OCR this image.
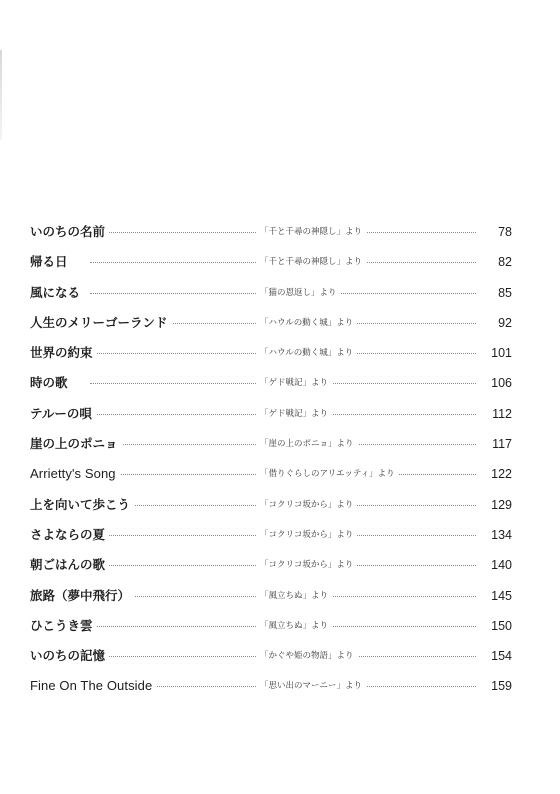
いのちの名前	「千と千尋の神隠し」より	78
帰る日	「千と千尋の神隠し」より	82
風になる	「猫の恩返し」より	85
人生のメリーゴーランド	「ハウルの動く城」より	92
世界の約束	「ハウルの動く城」より	101
時の歌	「ゲド戦記」より	106
テルーの唄	「ゲド戦記」より	112
崖の上のポニョ	「崖の上のポニョ」より	117
Arrietty's Song	「借りぐらしのアリエッティ」より	122
上を向いて歩こう	「コクリコ坂から」より	129
さよならの夏	「コクリコ坂から」より	134
朝ごはんの歌	「コクリコ坂から」より	140
旅路（夢中飛行）	「風立ちぬ」より	145
ひこうき雲	「風立ちぬ」より	150
いのちの記憶	「かぐや姫の物語」より	154
Fine On The Outside	「思い出のマーニー」より	159
